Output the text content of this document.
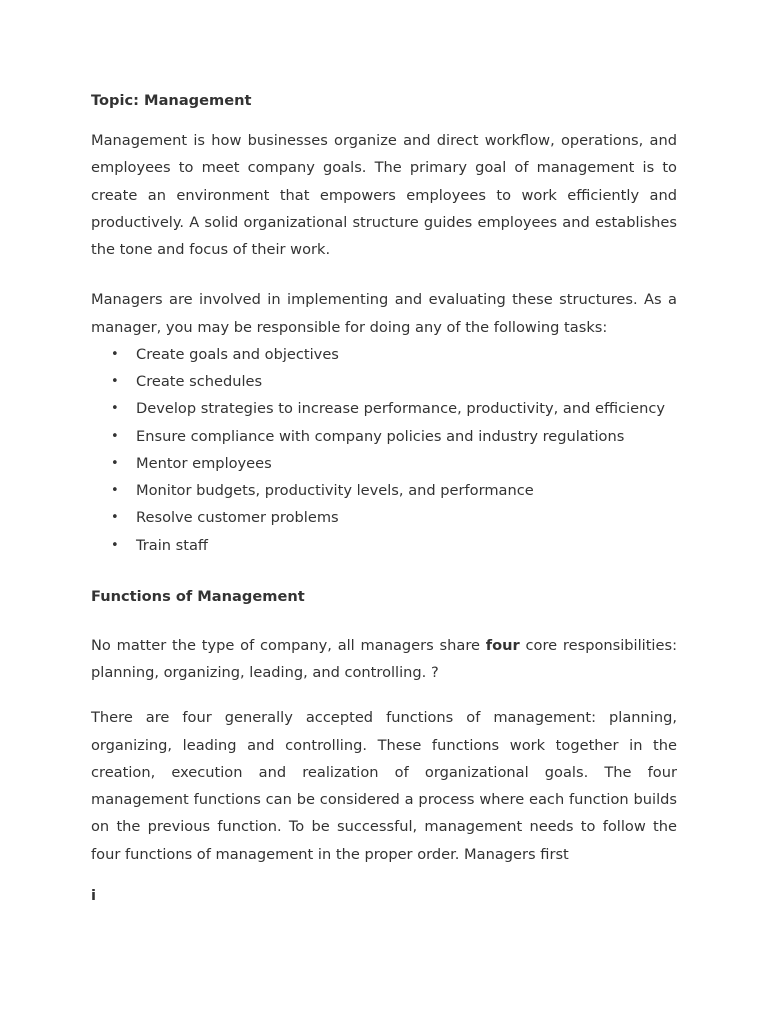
Topic: Management

Management is how businesses organize and direct workflow, operations, and employees to meet company goals. The primary goal of management is to create an environment that empowers employees to work efficiently and productively. A solid organizational structure guides employees and establishes the tone and focus of their work.

Managers are involved in implementing and evaluating these structures. As a manager, you may be responsible for doing any of the following tasks:

• Create goals and objectives
• Create schedules
• Develop strategies to increase performance, productivity, and efficiency
• Ensure compliance with company policies and industry regulations
• Mentor employees
• Monitor budgets, productivity levels, and performance
• Resolve customer problems
• Train staff
Functions of Management

No matter the type of company, all managers share four core responsibilities: planning, organizing, leading, and controlling. ?

There are four generally accepted functions of management: planning, organizing, leading and controlling. These functions work together in the creation, execution and realization of organizational goals. The four management functions can be considered a process where each function builds on the previous function. To be successful, management needs to follow the four functions of management in the proper order. Managers first

i
